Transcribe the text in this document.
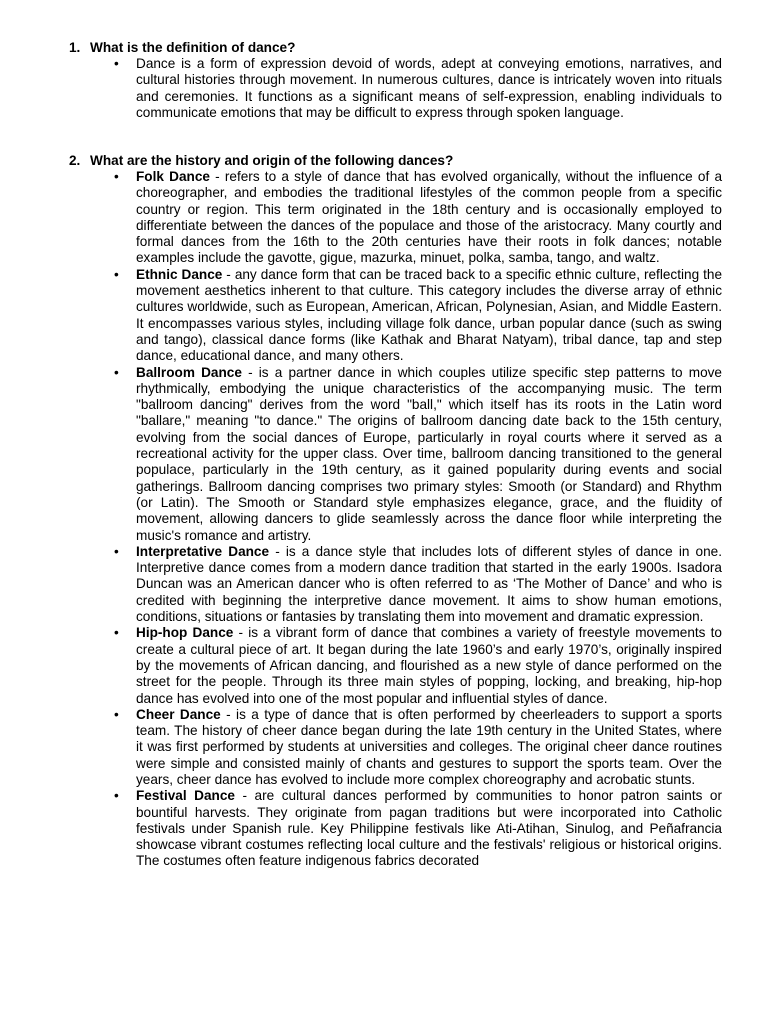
1. What is the definition of dance?
• Dance is a form of expression devoid of words, adept at conveying emotions, narratives, and cultural histories through movement. In numerous cultures, dance is intricately woven into rituals and ceremonies. It functions as a significant means of self-expression, enabling individuals to communicate emotions that may be difficult to express through spoken language.

2. What are the history and origin of the following dances?
• Folk Dance - refers to a style of dance that has evolved organically, without the influence of a choreographer, and embodies the traditional lifestyles of the common people from a specific country or region. This term originated in the 18th century and is occasionally employed to differentiate between the dances of the populace and those of the aristocracy. Many courtly and formal dances from the 16th to the 20th centuries have their roots in folk dances; notable examples include the gavotte, gigue, mazurka, minuet, polka, samba, tango, and waltz.

• Ethnic Dance - any dance form that can be traced back to a specific ethnic culture, reflecting the movement aesthetics inherent to that culture. This category includes the diverse array of ethnic cultures worldwide, such as European, American, African, Polynesian, Asian, and Middle Eastern. It encompasses various styles, including village folk dance, urban popular dance (such as swing and tango), classical dance forms (like Kathak and Bharat Natyam), tribal dance, tap and step dance, educational dance, and many others.

• Ballroom Dance - is a partner dance in which couples utilize specific step patterns to move rhythmically, embodying the unique characteristics of the accompanying music. The term "ballroom dancing" derives from the word "ball," which itself has its roots in the Latin word "ballare," meaning "to dance." The origins of ballroom dancing date back to the 15th century, evolving from the social dances of Europe, particularly in royal courts where it served as a recreational activity for the upper class. Over time, ballroom dancing transitioned to the general populace, particularly in the 19th century, as it gained popularity during events and social gatherings. Ballroom dancing comprises two primary styles: Smooth (or Standard) and Rhythm (or Latin). The Smooth or Standard style emphasizes elegance, grace, and the fluidity of movement, allowing dancers to glide seamlessly across the dance floor while interpreting the music's romance and artistry.

• Interpretative Dance - is a dance style that includes lots of different styles of dance in one. Interpretive dance comes from a modern dance tradition that started in the early 1900s. Isadora Duncan was an American dancer who is often referred to as ‘The Mother of Dance’ and who is credited with beginning the interpretive dance movement. It aims to show human emotions, conditions, situations or fantasies by translating them into movement and dramatic expression.

• Hip-hop Dance - is a vibrant form of dance that combines a variety of freestyle movements to create a cultural piece of art. It began during the late 1960’s and early 1970’s, originally inspired by the movements of African dancing, and flourished as a new style of dance performed on the street for the people. Through its three main styles of popping, locking, and breaking, hip-hop dance has evolved into one of the most popular and influential styles of dance.

• Cheer Dance - is a type of dance that is often performed by cheerleaders to support a sports team. The history of cheer dance began during the late 19th century in the United States, where it was first performed by students at universities and colleges. The original cheer dance routines were simple and consisted mainly of chants and gestures to support the sports team. Over the years, cheer dance has evolved to include more complex choreography and acrobatic stunts.

• Festival Dance - are cultural dances performed by communities to honor patron saints or bountiful harvests. They originate from pagan traditions but were incorporated into Catholic festivals under Spanish rule. Key Philippine festivals like Ati-Atihan, Sinulog, and Peñafrancia showcase vibrant costumes reflecting local culture and the festivals' religious or historical origins. The costumes often feature indigenous fabrics decorated
